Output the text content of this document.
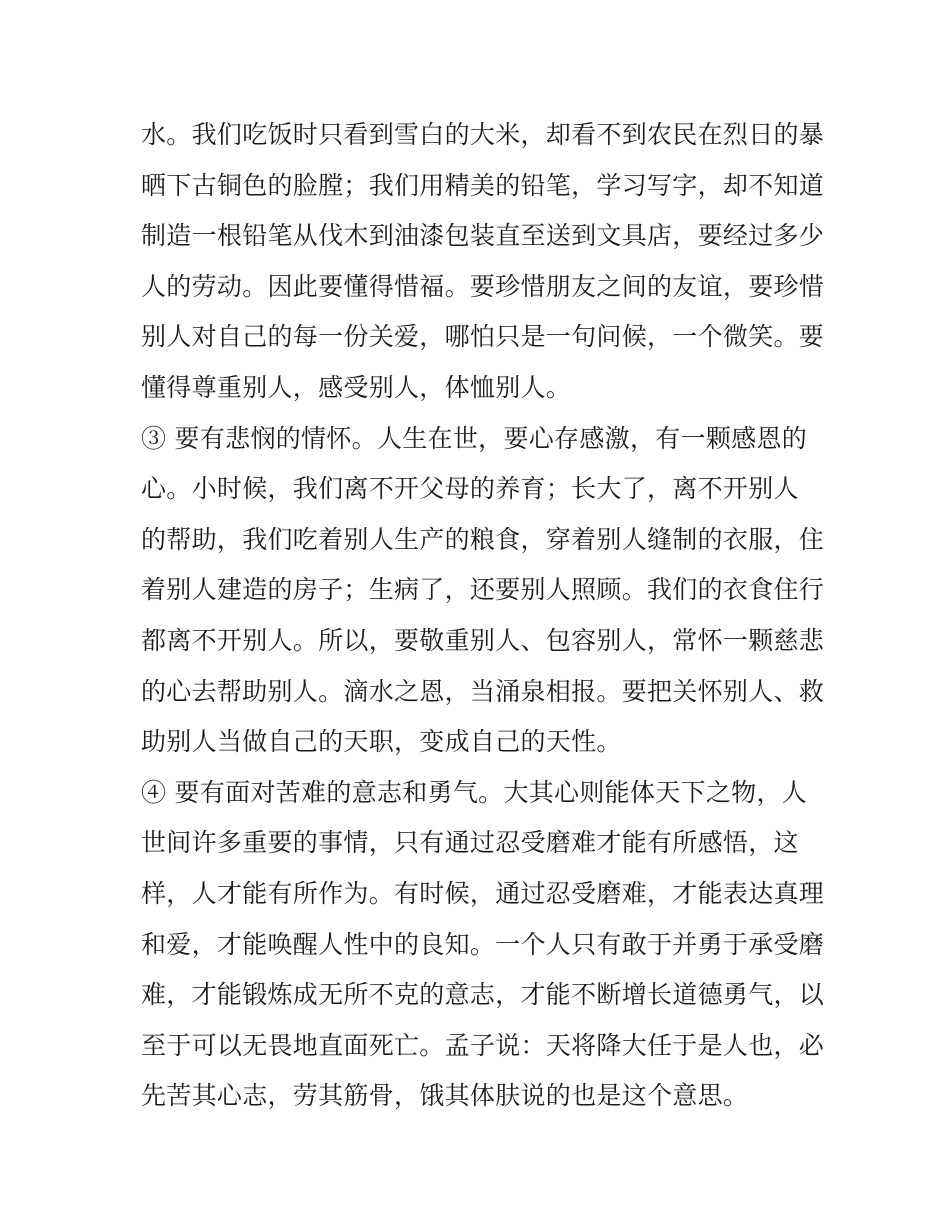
水。我们吃饭时只看到雪白的大米，却看不到农民在烈日的暴
晒下古铜色的脸膛；我们用精美的铅笔，学习写字，却不知道
制造一根铅笔从伐木到油漆包装直至送到文具店，要经过多少
人的劳动。因此要懂得惜福。要珍惜朋友之间的友谊，要珍惜
别人对自己的每一份关爱，哪怕只是一句问候，一个微笑。要
懂得尊重别人，感受别人，体恤别人。
③ 要有悲悯的情怀。人生在世，要心存感激，有一颗感恩的
心。小时候，我们离不开父母的养育；长大了，离不开别人
的帮助，我们吃着别人生产的粮食，穿着别人缝制的衣服，住
着别人建造的房子；生病了，还要别人照顾。我们的衣食住行
都离不开别人。所以，要敬重别人、包容别人，常怀一颗慈悲
的心去帮助别人。滴水之恩，当涌泉相报。要把关怀别人、救
助别人当做自己的天职，变成自己的天性。
④ 要有面对苦难的意志和勇气。大其心则能体天下之物，人
世间许多重要的事情，只有通过忍受磨难才能有所感悟，这
样，人才能有所作为。有时候，通过忍受磨难，才能表达真理
和爱，才能唤醒人性中的良知。一个人只有敢于并勇于承受磨
难，才能锻炼成无所不克的意志，才能不断增长道德勇气，以
至于可以无畏地直面死亡。孟子说：天将降大任于是人也，必
先苦其心志，劳其筋骨，饿其体肤说的也是这个意思。
